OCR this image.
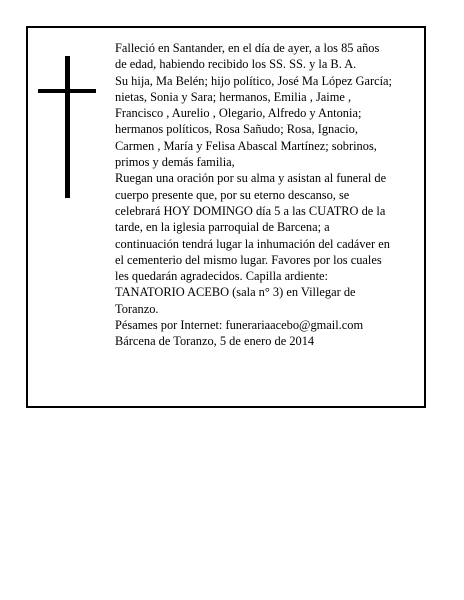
Falleció en Santander, en el día de ayer, a los 85 años
de edad, habiendo recibido los SS. SS. y la B. A.
Su hija, Ma Belén; hijo político, José Ma López García;
nietas, Sonia y Sara; hermanos, Emilia , Jaime ,
Francisco , Aurelio , Olegario, Alfredo y Antonia;
hermanos políticos, Rosa Sañudo; Rosa, Ignacio,
Carmen , María y Felisa Abascal Martínez; sobrinos,
primos y demás familia,
Ruegan una oración por su alma y asistan al funeral de
cuerpo presente que, por su eterno descanso, se
celebrará HOY DOMINGO día 5 a las CUATRO de la
tarde, en la iglesia parroquial de Barcena; a
continuación tendrá lugar la inhumación del cadáver en
el cementerio del mismo lugar. Favores por los cuales
les quedarán agradecidos. Capilla ardiente:
TANATORIO ACEBO (sala n° 3) en Villegar de
Toranzo.
Pésames por Internet: funerariaacebo@gmail.com
Bárcena de Toranzo, 5 de enero de 2014
